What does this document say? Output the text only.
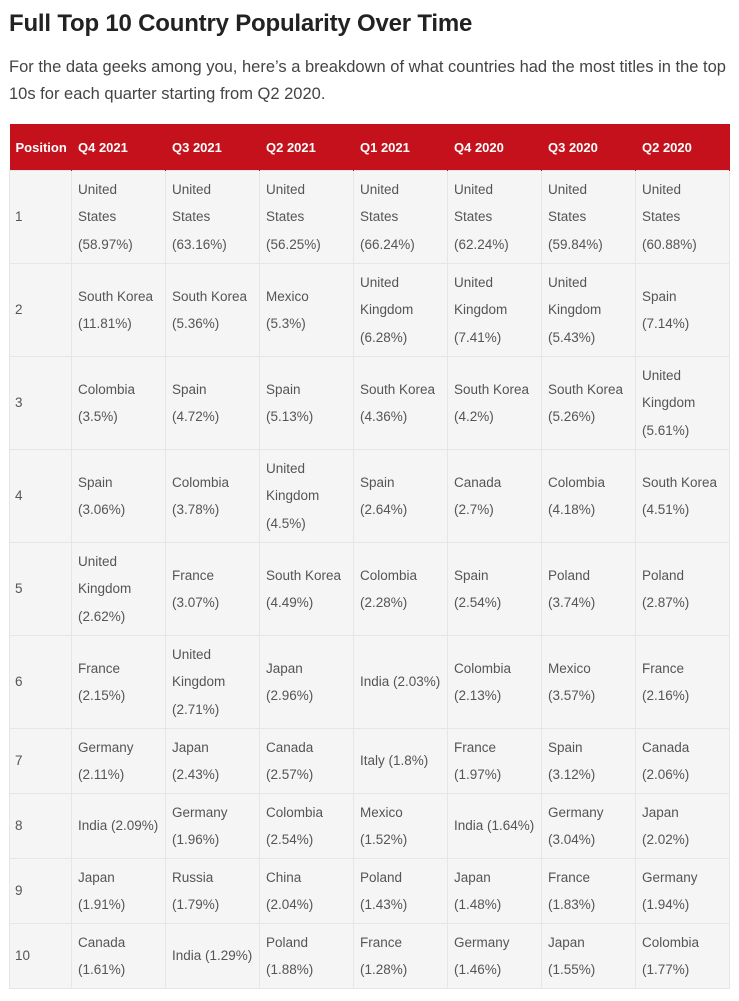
Full Top 10 Country Popularity Over Time

For the data geeks among you, here’s a breakdown of what countries had the most titles in the top 10s for each quarter starting from Q2 2020.

Position	Q4 2021	Q3 2021	Q2 2021	Q1 2021	Q4 2020	Q3 2020	Q2 2020
1	United States (58.97%)	United States (63.16%)	United States (56.25%)	United States (66.24%)	United States (62.24%)	United States (59.84%)	United States (60.88%)
2	South Korea (11.81%)	South Korea (5.36%)	Mexico (5.3%)	United Kingdom (6.28%)	United Kingdom (7.41%)	United Kingdom (5.43%)	Spain (7.14%)
3	Colombia (3.5%)	Spain (4.72%)	Spain (5.13%)	South Korea (4.36%)	South Korea (4.2%)	South Korea (5.26%)	United Kingdom (5.61%)
4	Spain (3.06%)	Colombia (3.78%)	United Kingdom (4.5%)	Spain (2.64%)	Canada (2.7%)	Colombia (4.18%)	South Korea (4.51%)
5	United Kingdom (2.62%)	France (3.07%)	South Korea (4.49%)	Colombia (2.28%)	Spain (2.54%)	Poland (3.74%)	Poland (2.87%)
6	France (2.15%)	United Kingdom (2.71%)	Japan (2.96%)	India (2.03%)	Colombia (2.13%)	Mexico (3.57%)	France (2.16%)
7	Germany (2.11%)	Japan (2.43%)	Canada (2.57%)	Italy (1.8%)	France (1.97%)	Spain (3.12%)	Canada (2.06%)
8	India (2.09%)	Germany (1.96%)	Colombia (2.54%)	Mexico (1.52%)	India (1.64%)	Germany (3.04%)	Japan (2.02%)
9	Japan (1.91%)	Russia (1.79%)	China (2.04%)	Poland (1.43%)	Japan (1.48%)	France (1.83%)	Germany (1.94%)
10	Canada (1.61%)	India (1.29%)	Poland (1.88%)	France (1.28%)	Germany (1.46%)	Japan (1.55%)	Colombia (1.77%)
